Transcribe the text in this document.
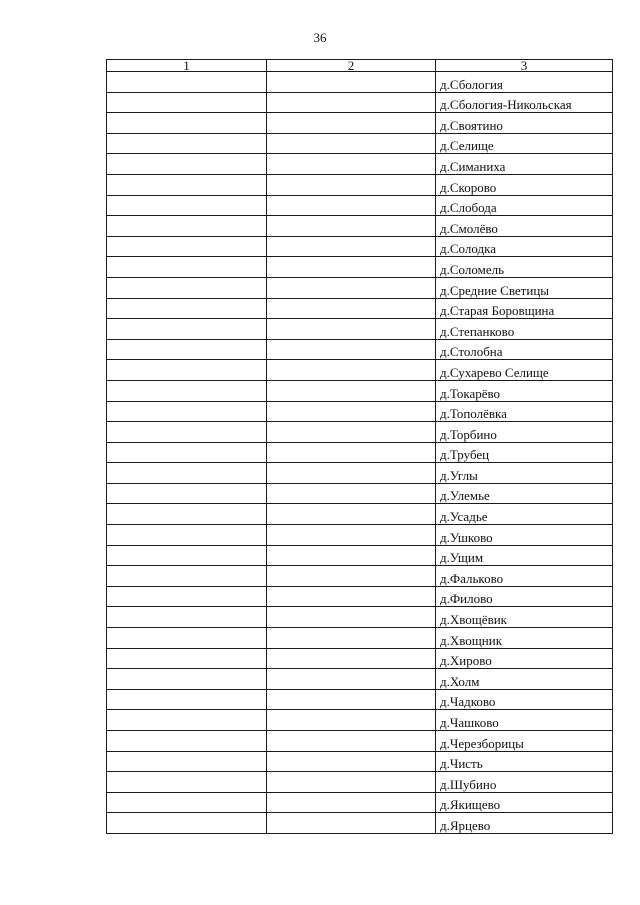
36
1	2	3
		д.Сбология
		д.Сбология-Никольская
		д.Своятино
		д.Селище
		д.Симаниха
		д.Скорово
		д.Слобода
		д.Смолёво
		д.Солодка
		д.Соломель
		д.Средние Светицы
		д.Старая Боровщина
		д.Степанково
		д.Столобна
		д.Сухарево Селище
		д.Токарёво
		д.Тополёвка
		д.Торбино
		д.Трубец
		д.Углы
		д.Улемье
		д.Усадье
		д.Ушково
		д.Ущим
		д.Фальково
		д.Филово
		д.Хвощёвик
		д.Хвощник
		д.Хирово
		д.Холм
		д.Чадково
		д.Чашково
		д.Черезборицы
		д.Чисть
		д.Шубино
		д.Якищево
		д.Ярцево
